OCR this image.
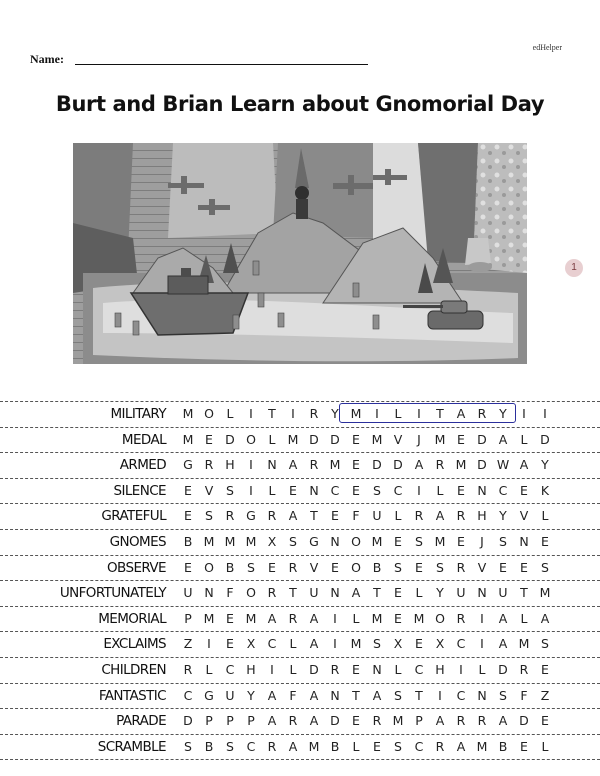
edHelper
Name:
Burt and Brian Learn about Gnomorial Day
1
MILITARY	M O	L	I	T	I	R	Y M	I	L	I	T	A R	Y	I	I
MEDAL	M E D O	L M D D E M V	J	M E D A	L	D
ARMED	G R H	I	N A R M E D D A R M D W A	Y
SILENCE	E	V	S	I	L	E N C	E	S	C	I	L	E N C	E	K
GRATEFUL	E	S	R G R A	T	E	F	U	L	R A R H Y	V	L
GNOMES	B M M M X	S G N O M E	S M E	J	S N E
OBSERVE	E O B	S	E	R V	E O B	S	E	S	R V	E	E	S
UNFORTUNATELY	U N	F O R	T	U N A	T	E	L	Y	U N U	T M
MEMORIAL	P M E M A R A	I	L M E M O R	I	A	L	A
EXCLAIMS	Z	I	E	X C	L	A	I	M S	X	E	X C	I	A M S
CHILDREN	R	L	C H	I	L	D R	E N	L	C H	I	L	D R	E
FANTASTIC	C G U	Y	A	F	A N	T	A	S	T	I	C N S	F	Z
PARADE	D P	P	P	A R A D E	R M P	A R R A D E
SCRAMBLE	S	B	S	C R A M B	L	E	S	C R A M B	E	L
